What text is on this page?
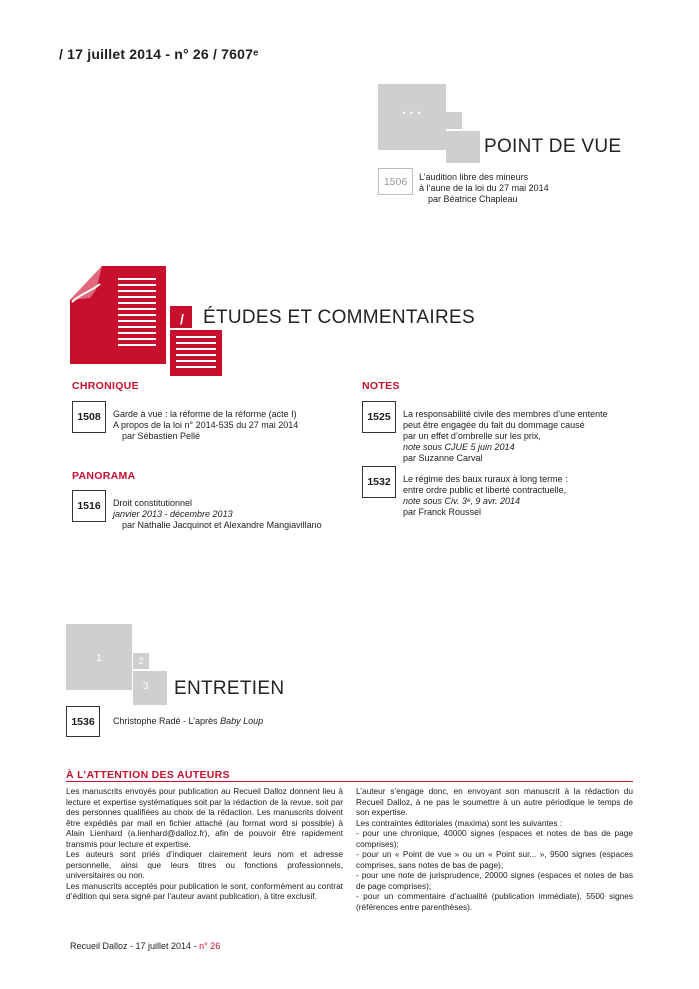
/ 17 juillet 2014 - n° 26 / 7607ᵉ
• • •
POINT DE VUE
1506	L’audition libre des mineurs
à l’aune de la loi du 27 mai 2014
par Béatrice Chapleau
/	ÉTUDES ET COMMENTAIRES
CHRONIQUE
1508	Garde à vue : la réforme de la réforme (acte I)
A propos de la loi n° 2014-535 du 27 mai 2014
par Sébastien Pellé
PANORAMA
1516	Droit constitutionnel
janvier 2013 - décembre 2013
par Nathalie Jacquinot et Alexandre Mangiavillano
NOTES
1525	La responsabilité civile des membres d’une entente
peut être engagée du fait du dommage causé
par un effet d’ombrelle sur les prix,
note sous CJUE 5 juin 2014
par Suzanne Carval
1532	Le régime des baux ruraux à long terme :
entre ordre public et liberté contractuelle,
note sous Civ. 3ᵉ, 9 avr. 2014
par Franck Roussel
1	2
3 ENTRETIEN
1536	Christophe Radé - L’après Baby Loup
À L’ATTENTION DES AUTEURS

Les manuscrits envoyés pour publication au Recueil Dalloz donnent lieu à lecture et expertise systématiques soit par la rédaction de la revue, soit par des personnes qualifiées au choix de la rédaction. Les manuscrits doivent être expédiés par mail en fichier attaché (au format word si possible) à Alain Lienhard (a.lienhard@dalloz.fr), afin de pouvoir être rapidement transmis pour lecture et expertise.

Les auteurs sont priés d’indiquer clairement leurs nom et adresse personnelle, ainsi que leurs titres ou fonctions professionnels, universitaires ou non.

Les manuscrits acceptés pour publication le sont, conformément au contrat d’édition qui sera signé par l’auteur avant publication, à titre exclusif.

L’auteur s’engage donc, en envoyant son manuscrit à la rédaction du Recueil Dalloz, à ne pas le soumettre à un autre périodique le temps de son expertise.

Les contraintes éditoriales (maxima) sont les suivantes :

- pour une chronique, 40000 signes (espaces et notes de bas de page comprises);

- pour un « Point de vue » ou un « Point sur... », 9500 signes (espaces comprises, sans notes de bas de page);

- pour une note de jurisprudence, 20000 signes (espaces et notes de bas de page comprises);

- pour un commentaire d’actualité (publication immédiate), 5500 signes (références entre parenthèses).

Recueil Dalloz - 17 juillet 2014 - n° 26
